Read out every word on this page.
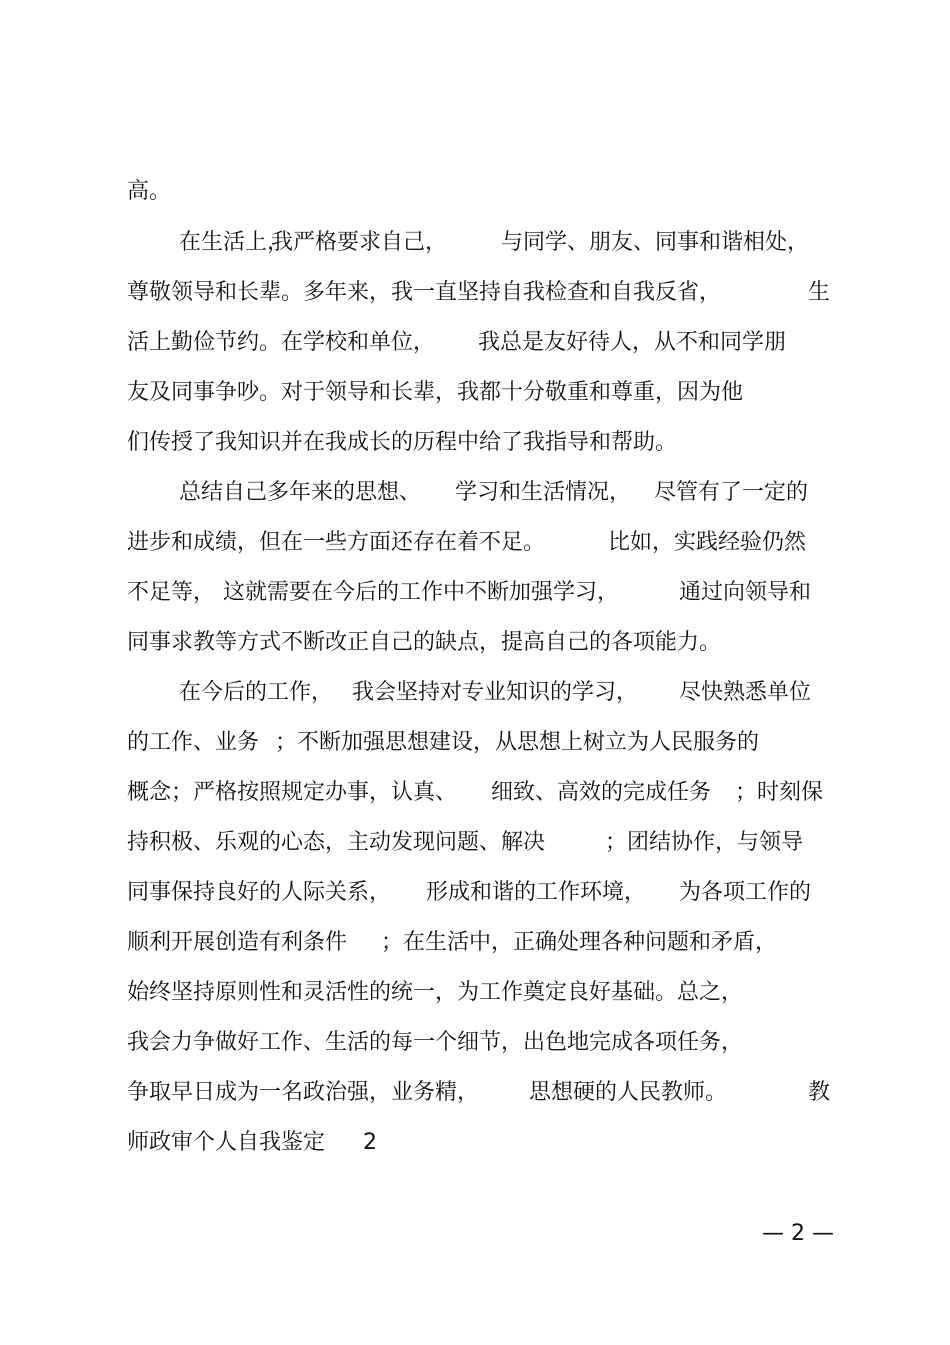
高。
在生活上，
我严格要求自己， 与同学、朋友、同事和谐相处，
尊敬领导和长辈。多年来，我一直坚持自我检查和自我反省，	生
活上勤俭节约。在学校和单位， 我总是友好待人，从不和同学朋
友及同事争吵。对于领导和长辈，我都十分敬重和尊重，因为他
们传授了我知识并在我成长的历程中给了我指导和帮助。
总结自己多年来的思想、 学习和生活情况， 尽管有了一定的
进步和成绩，但在一些方面还存在着不足。	比如，实践经验仍然
不足等， 这就需要在今后的工作中不断加强学习，	通过向领导和
同事求教等方式不断改正自己的缺点，提高自己的各项能力。
在今后的工作， 我会坚持对专业知识的学习， 尽快熟悉单位
的工作、业务 ；不断加强思想建设，从思想上树立为人民服务的
概念；严格按照规定办事，认真、 细致、高效的完成任务 ；时刻保
持积极、乐观的心态，主动发现问题、解决	；团结协作，与领导
同事保持良好的人际关系， 形成和谐的工作环境， 为各项工作的
顺利开展创造有利条件 ；在生活中，正确处理各种问题和矛盾，
始终坚持原则性和灵活性的统一，为工作奠定良好基础。总之，
我会力争做好工作、生活的每一个细节，出色地完成各项任务，
争取早日成为一名政治强，业务精， 思想硬的人民教师。	教
师政审个人自我鉴定 2
— 2 —
